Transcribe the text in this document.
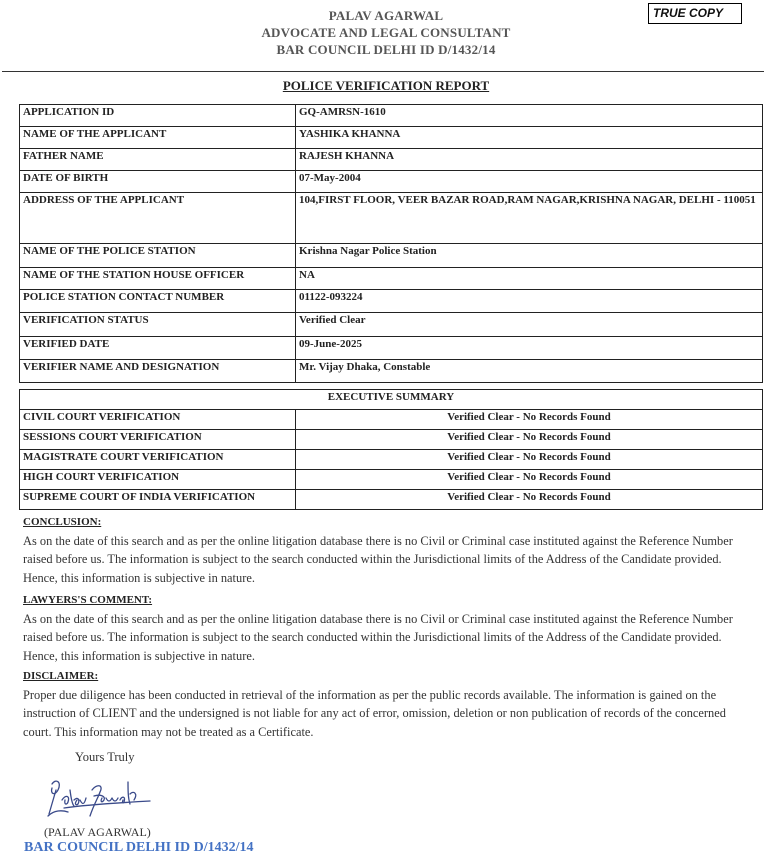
PALAV AGARWAL
ADVOCATE AND LEGAL CONSULTANT
BAR COUNCIL DELHI ID D/1432/14
TRUE COPY
POLICE VERIFICATION REPORT
APPLICATION ID	GQ-AMRSN-1610
NAME OF THE APPLICANT	YASHIKA KHANNA
FATHER NAME	RAJESH KHANNA
DATE OF BIRTH	07-May-2004
ADDRESS OF THE APPLICANT	104,FIRST FLOOR, VEER BAZAR ROAD,RAM NAGAR,KRISHNA NAGAR, DELHI - 110051
NAME OF THE POLICE STATION	Krishna Nagar Police Station
NAME OF THE STATION HOUSE OFFICER	NA
POLICE STATION CONTACT NUMBER	01122-093224
VERIFICATION STATUS	Verified Clear
VERIFIED DATE	09-June-2025
VERIFIER NAME AND DESIGNATION	Mr. Vijay Dhaka, Constable
EXECUTIVE SUMMARY	
CIVIL COURT VERIFICATION	Verified Clear - No Records Found
SESSIONS COURT VERIFICATION	Verified Clear - No Records Found
MAGISTRATE COURT VERIFICATION	Verified Clear - No Records Found
HIGH COURT VERIFICATION	Verified Clear - No Records Found
SUPREME COURT OF INDIA VERIFICATION	Verified Clear - No Records Found
CONCLUSION:

As on the date of this search and as per the online litigation database there is no Civil or Criminal case instituted against the Reference Number raised before us. The information is subject to the search conducted within the Jurisdictional limits of the Address of the Candidate provided. Hence, this information is subjective in nature.

LAWYERS'S COMMENT:

As on the date of this search and as per the online litigation database there is no Civil or Criminal case instituted against the Reference Number raised before us. The information is subject to the search conducted within the Jurisdictional limits of the Address of the Candidate provided. Hence, this information is subjective in nature.

DISCLAIMER:

Proper due diligence has been conducted in retrieval of the information as per the public records available. The information is gained on the instruction of CLIENT and the undersigned is not liable for any act of error, omission, deletion or non publication of records of the concerned court. This information may not be treated as a Certificate.

Yours Truly
(PALAV AGARWAL)
BAR COUNCIL DELHI ID D/1432/14
